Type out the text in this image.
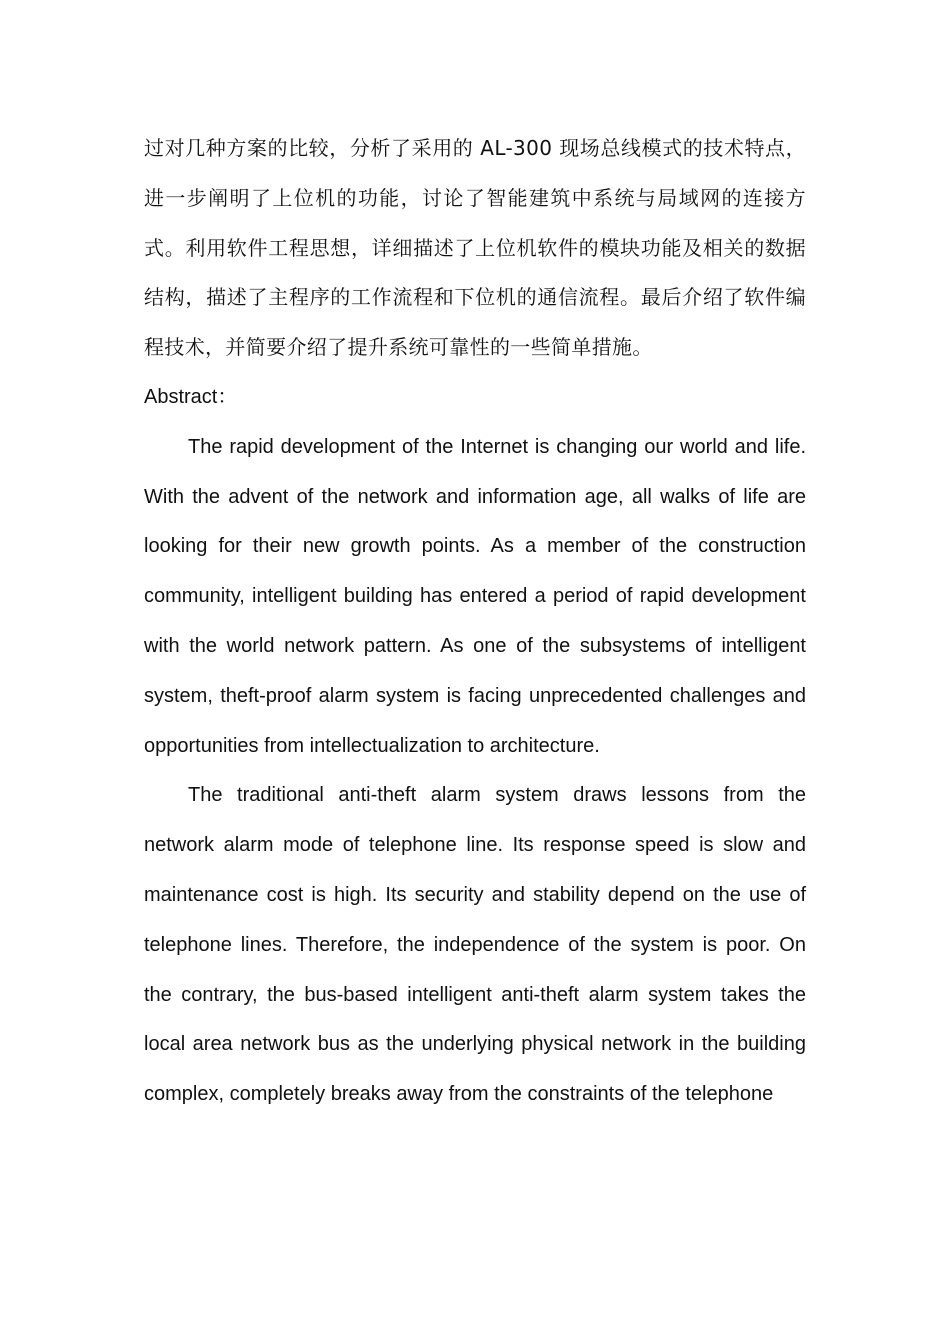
过对几种方案的比较，分析了采用的 AL-300 现场总线模式的技术特点，进一步阐明了上位机的功能，讨论了智能建筑中系统与局域网的连接方式。利用软件工程思想，详细描述了上位机软件的模块功能及相关的数据结构，描述了主程序的工作流程和下位机的通信流程。最后介绍了软件编程技术，并简要介绍了提升系统可靠性的一些简单措施。

Abstract：

The rapid development of the Internet is changing our world and life. With the advent of the network and information age, all walks of life are looking for their new growth points. As a member of the construction community, intelligent building has entered a period of rapid development with the world network pattern. As one of the subsystems of intelligent system, theft-proof alarm system is facing unprecedented challenges and opportunities from intellectualization to architecture.

The traditional anti-theft alarm system draws lessons from the network alarm mode of telephone line. Its response speed is slow and maintenance cost is high. Its security and stability depend on the use of telephone lines. Therefore, the independence of the system is poor. On the contrary, the bus-based intelligent anti-theft alarm system takes the local area network bus as the underlying physical network in the building complex, completely breaks away from the constraints of the telephone
